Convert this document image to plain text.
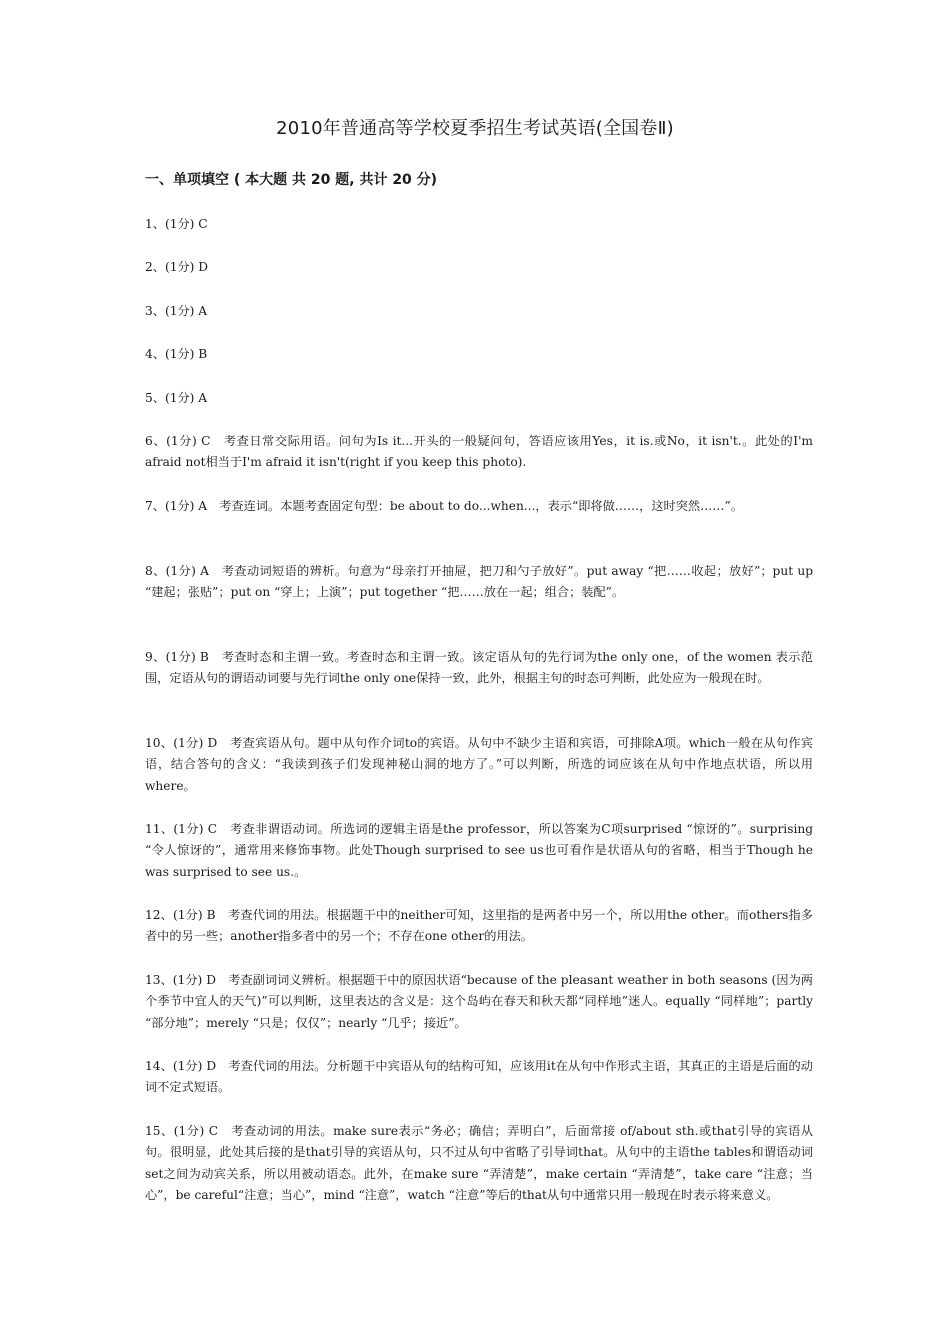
2010年普通高等学校夏季招生考试英语(全国卷Ⅱ)
一、单项填空 ( 本大题 共 20 题, 共计 20 分)

1、(1分) C

2、(1分) D

3、(1分) A

4、(1分) B

5、(1分) A

6、(1分) C　考查日常交际用语。问句为Is it...开头的一般疑问句，答语应该用Yes，it is.或No，it isn't.。此处的I'm afraid not相当于I'm afraid it isn't(right if you keep this photo).

7、(1分) A　考查连词。本题考查固定句型：be about to do...when...，表示“即将做……，这时突然……”。

8、(1分) A　考查动词短语的辨析。句意为“母亲打开抽屉，把刀和勺子放好”。put away “把……收起；放好”；put up “建起；张贴”；put on “穿上；上演”；put together “把……放在一起；组合；装配”。

9、(1分) B　考查时态和主谓一致。考查时态和主谓一致。该定语从句的先行词为the only one，of the women 表示范围，定语从句的谓语动词要与先行词the only one保持一致，此外，根据主句的时态可判断，此处应为一般现在时。

10、(1分) D　考查宾语从句。题中从句作介词to的宾语。从句中不缺少主语和宾语，可排除A项。which一般在从句作宾语，结合答句的含义：“我读到孩子们发现神秘山洞的地方了。”可以判断，所选的词应该在从句中作地点状语，所以用where。

11、(1分) C　考查非谓语动词。所选词的逻辑主语是the professor，所以答案为C项surprised “惊讶的”。surprising “令人惊讶的”，通常用来修饰事物。此处Though surprised to see us也可看作是状语从句的省略，相当于Though he was surprised to see us.。

12、(1分) B　考查代词的用法。根据题干中的neither可知，这里指的是两者中另一个，所以用the other。而others指多者中的另一些；another指多者中的另一个；不存在one other的用法。

13、(1分) D　考查副词词义辨析。根据题干中的原因状语“because of the pleasant weather in both seasons (因为两个季节中宜人的天气)”可以判断，这里表达的含义是：这个岛屿在春天和秋天都“同样地”迷人。equally “同样地”；partly “部分地”；merely “只是；仅仅”；nearly “几乎；接近”。

14、(1分) D　考查代词的用法。分析题干中宾语从句的结构可知，应该用it在从句中作形式主语，其真正的主语是后面的动词不定式短语。

15、(1分) C　考查动词的用法。make sure表示“务必；确信；弄明白”，后面常接 of/about sth.或that引导的宾语从句。很明显，此处其后接的是that引导的宾语从句，只不过从句中省略了引导词that。从句中的主语the tables和谓语动词set之间为动宾关系，所以用被动语态。此外，在make sure “弄清楚”，make certain “弄清楚”，take care “注意；当心”，be careful“注意；当心”，mind “注意”，watch “注意”等后的that从句中通常只用一般现在时表示将来意义。
